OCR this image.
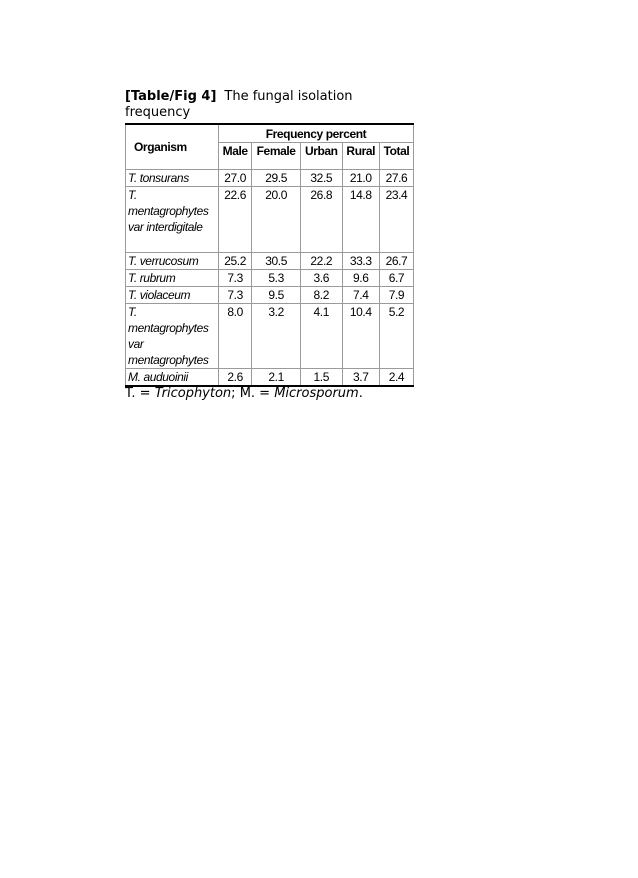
[Table/Fig 4] The fungal isolation frequency
Organism	Frequency percent				
	Male	Female	Urban	Rural	Total
T. tonsurans	27.0	29.5	32.5	21.0	27.6
T. mentagrophytes var interdigitale	22.6	20.0	26.8	14.8	23.4
T. verrucosum	25.2	30.5	22.2	33.3	26.7
T. rubrum	7.3	5.3	3.6	9.6	6.7
T. violaceum	7.3	9.5	8.2	7.4	7.9
T. mentagrophytes var mentagrophytes	8.0	3.2	4.1	10.4	5.2
M. auduoinii	2.6	2.1	1.5	3.7	2.4
T. = Tricophyton; M. = Microsporum.
